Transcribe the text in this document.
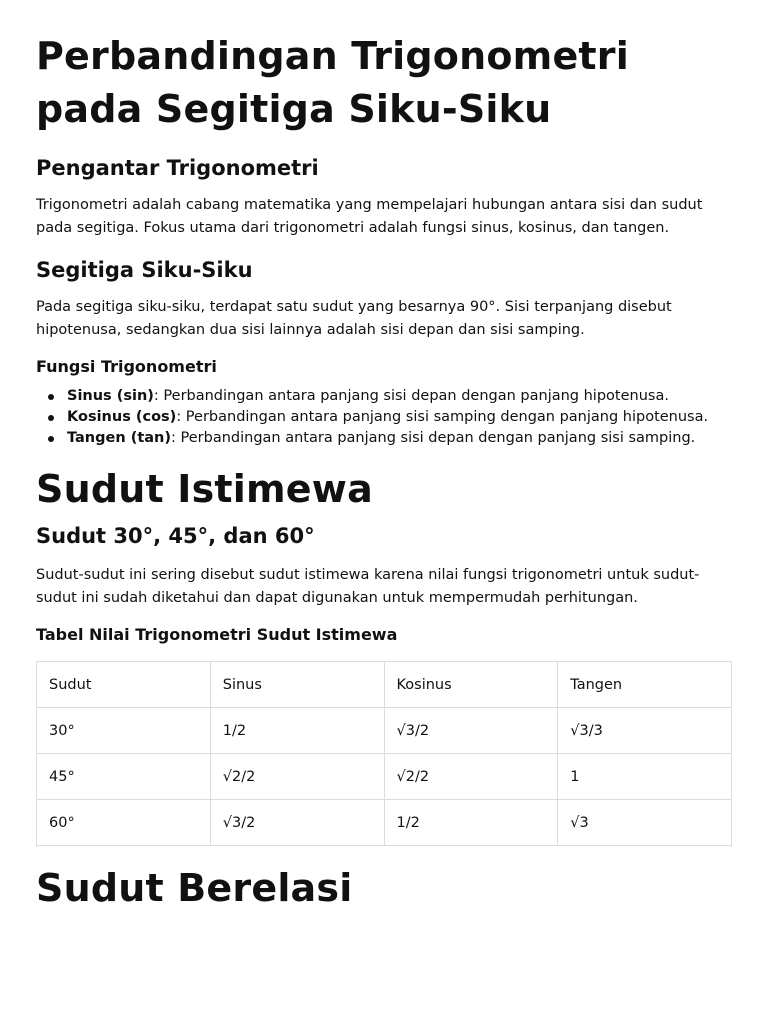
Perbandingan Trigonometri pada Segitiga Siku-Siku
Pengantar Trigonometri

Trigonometri adalah cabang matematika yang mempelajari hubungan antara sisi dan sudut pada segitiga. Fokus utama dari trigonometri adalah fungsi sinus, kosinus, dan tangen.

Segitiga Siku-Siku

Pada segitiga siku-siku, terdapat satu sudut yang besarnya 90°. Sisi terpanjang disebut hipotenusa, sedangkan dua sisi lainnya adalah sisi depan dan sisi samping.

Fungsi Trigonometri
Sinus (sin): Perbandingan antara panjang sisi depan dengan panjang hipotenusa.
Kosinus (cos): Perbandingan antara panjang sisi samping dengan panjang hipotenusa.
Tangen (tan): Perbandingan antara panjang sisi depan dengan panjang sisi samping.
Sudut Istimewa
Sudut 30°, 45°, dan 60°

Sudut-sudut ini sering disebut sudut istimewa karena nilai fungsi trigonometri untuk sudut-sudut ini sudah diketahui dan dapat digunakan untuk mempermudah perhitungan.

Tabel Nilai Trigonometri Sudut Istimewa
Sudut	Sinus	Kosinus	Tangen
30°	1/2	√3/2	√3/3
45°	√2/2	√2/2	1
60°	√3/2	1/2	√3
Sudut Berelasi
